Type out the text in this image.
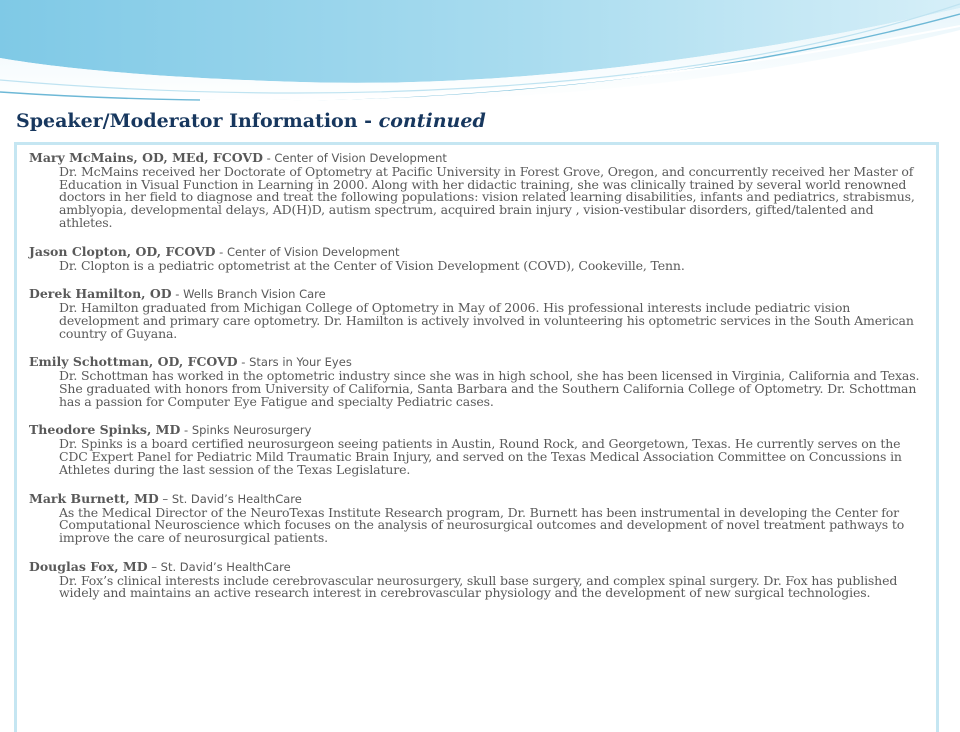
Speaker/Moderator Information - continued
Mary McMains, OD, MEd, FCOVD - Center of Vision Development

Dr. McMains received her Doctorate of Optometry at Pacific University in Forest Grove, Oregon, and concurrently received her Master of Education in Visual Function in Learning in 2000. Along with her didactic training, she was clinically trained by several world renowned doctors in her field to diagnose and treat the following populations: vision related learning disabilities, infants and pediatrics, strabismus, amblyopia, developmental delays, AD(H)D, autism spectrum, acquired brain injury , vision-vestibular disorders, gifted/talented and athletes.

Jason Clopton, OD, FCOVD - Center of Vision Development

Dr. Clopton is a pediatric optometrist at the Center of Vision Development (COVD), Cookeville, Tenn.

Derek Hamilton, OD - Wells Branch Vision Care

Dr. Hamilton graduated from Michigan College of Optometry in May of 2006. His professional interests include pediatric vision development and primary care optometry. Dr. Hamilton is actively involved in volunteering his optometric services in the South American country of Guyana.

Emily Schottman, OD, FCOVD - Stars in Your Eyes

Dr. Schottman has worked in the optometric industry since she was in high school, she has been licensed in Virginia, California and Texas. She graduated with honors from University of California, Santa Barbara and the Southern California College of Optometry. Dr. Schottman has a passion for Computer Eye Fatigue and specialty Pediatric cases.

Theodore Spinks, MD - Spinks Neurosurgery

Dr. Spinks is a board certified neurosurgeon seeing patients in Austin, Round Rock, and Georgetown, Texas. He currently serves on the CDC Expert Panel for Pediatric Mild Traumatic Brain Injury, and served on the Texas Medical Association Committee on Concussions in Athletes during the last session of the Texas Legislature.

Mark Burnett, MD – St. David’s HealthCare

As the Medical Director of the NeuroTexas Institute Research program, Dr. Burnett has been instrumental in developing the Center for Computational Neuroscience which focuses on the analysis of neurosurgical outcomes and development of novel treatment pathways to improve the care of neurosurgical patients.

Douglas Fox, MD – St. David’s HealthCare

Dr. Fox’s clinical interests include cerebrovascular neurosurgery, skull base surgery, and complex spinal surgery. Dr. Fox has published widely and maintains an active research interest in cerebrovascular physiology and the development of new surgical technologies.
